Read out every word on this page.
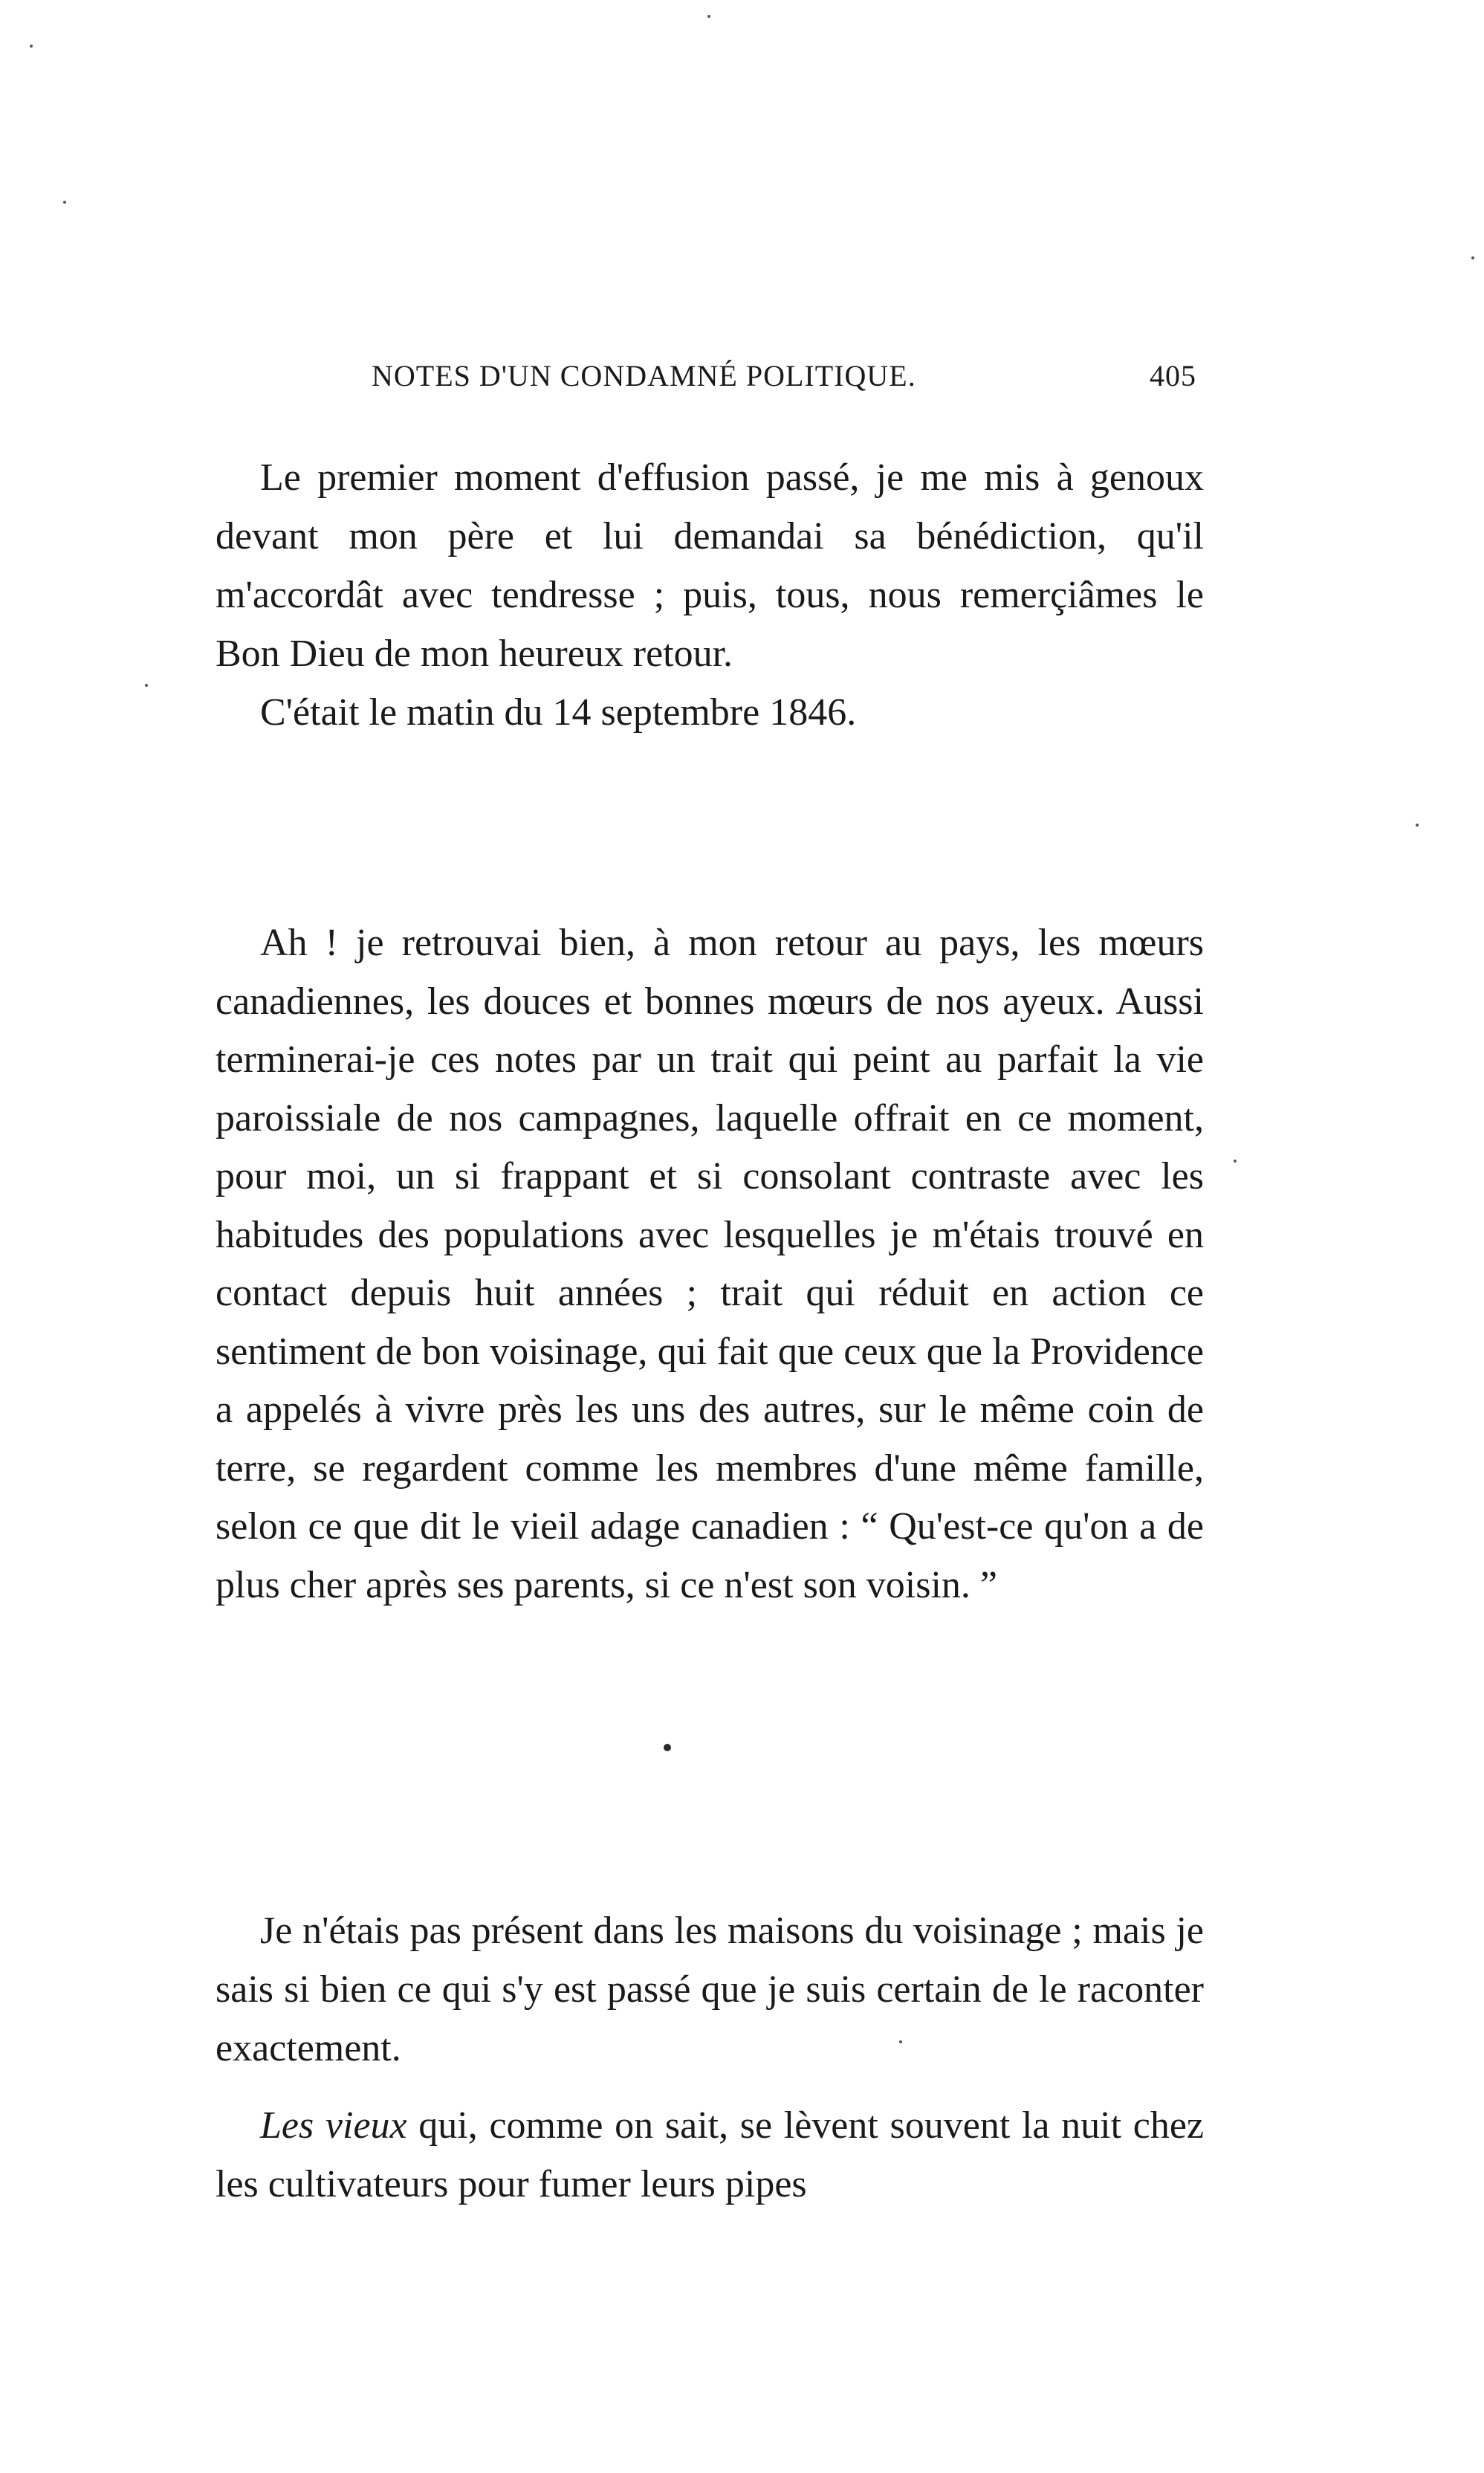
NOTES D'UN CONDAMNÉ POLITIQUE.	405

Le premier moment d'effusion passé, je me mis à genoux devant mon père et lui demandai sa bénédiction, qu'il m'accordât avec tendresse ; puis, tous, nous remerçiâmes le Bon Dieu de mon heureux retour.

C'était le matin du 14 septembre 1846.

Ah ! je retrouvai bien, à mon retour au pays, les mœurs canadiennes, les douces et bonnes mœurs de nos ayeux. Aussi terminerai-je ces notes par un trait qui peint au parfait la vie paroissiale de nos campagnes, laquelle offrait en ce moment, pour moi, un si frappant et si consolant contraste avec les habitudes des populations avec lesquelles je m'étais trouvé en contact depuis huit années ; trait qui réduit en action ce sentiment de bon voisinage, qui fait que ceux que la Providence a appelés à vivre près les uns des autres, sur le même coin de terre, se regardent comme les membres d'une même famille, selon ce que dit le vieil adage canadien : “ Qu'est-ce qu'on a de plus cher après ses parents, si ce n'est son voisin. ”

Je n'étais pas présent dans les maisons du voisinage ; mais je sais si bien ce qui s'y est passé que je suis certain de le raconter exactement.

Les vieux qui, comme on sait, se lèvent souvent la nuit chez les cultivateurs pour fumer leurs pipes
